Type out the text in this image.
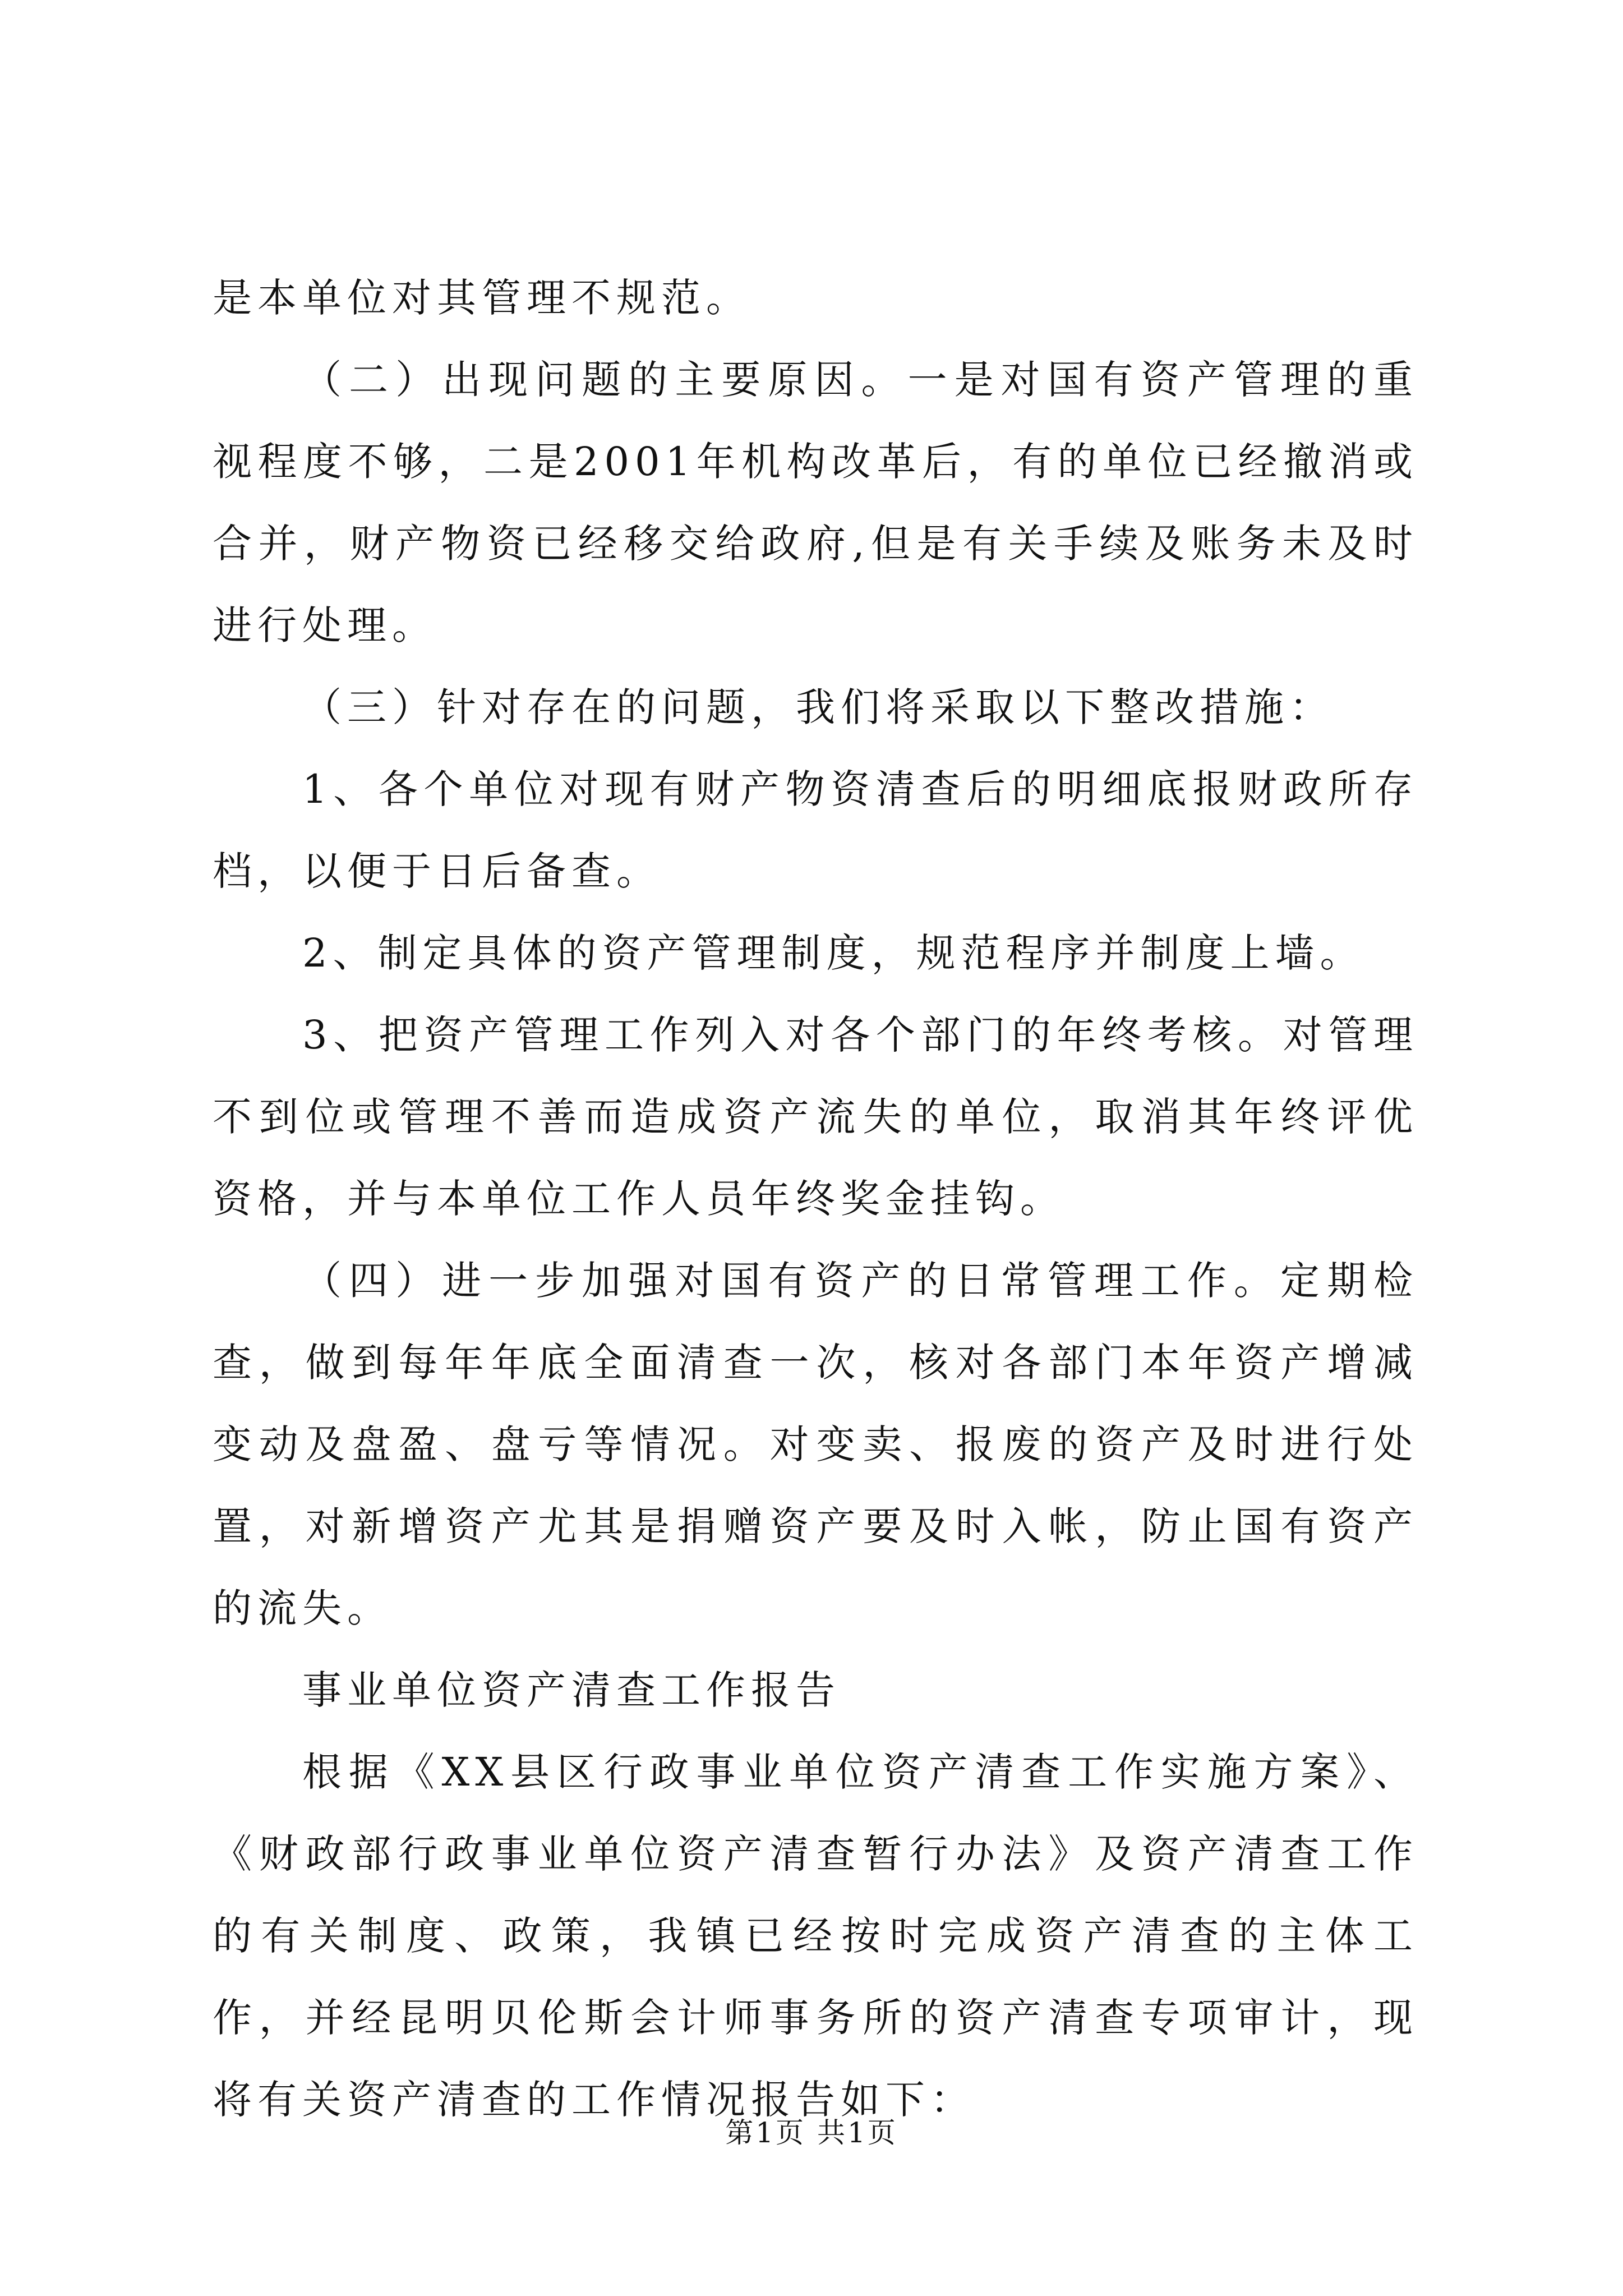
是本单位对其管理不规范。

（二）出现问题的主要原因。一是对国有资产管理的重视程度不够，二是2001年机构改革后，有的单位已经撤消或合并，财产物资已经移交给政府,但是有关手续及账务未及时进行处理。

（三）针对存在的问题，我们将采取以下整改措施：

1、各个单位对现有财产物资清查后的明细底报财政所存档，以便于日后备查。

2、制定具体的资产管理制度，规范程序并制度上墙。

3、把资产管理工作列入对各个部门的年终考核。对管理不到位或管理不善而造成资产流失的单位，取消其年终评优资格，并与本单位工作人员年终奖金挂钩。

（四）进一步加强对国有资产的日常管理工作。定期检查，做到每年年底全面清查一次，核对各部门本年资产增减变动及盘盈、盘亏等情况。对变卖、报废的资产及时进行处置，对新增资产尤其是捐赠资产要及时入帐，防止国有资产的流失。

事业单位资产清查工作报告

根据《XX县区行政事业单位资产清查工作实施方案》、《财政部行政事业单位资产清查暂行办法》及资产清查工作的有关制度、政策，我镇已经按时完成资产清查的主体工作，并经昆明贝伦斯会计师事务所的资产清查专项审计，现将有关资产清查的工作情况报告如下：

第1页 共1页
